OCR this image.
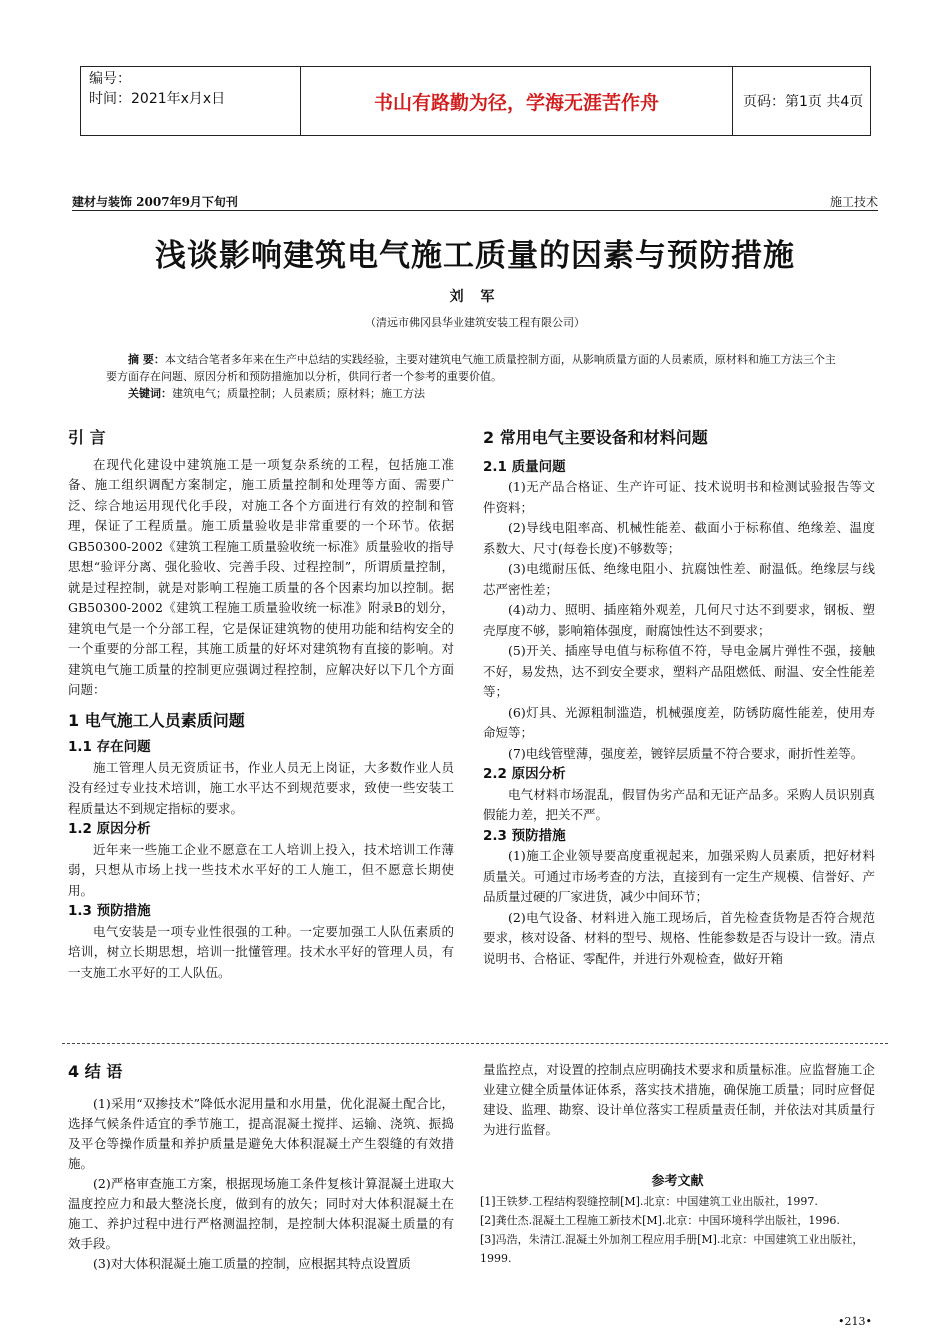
编号：
时间：2021年x月x日	书山有路勤为径，学海无涯苦作舟	页码：第1页 共4页
建材与装饰 2007年9月下旬刊	施工技术
浅谈影响建筑电气施工质量的因素与预防措施
刘 军
（清远市佛冈县华业建筑安装工程有限公司）
摘 要：本文结合笔者多年来在生产中总结的实践经验，主要对建筑电气施工质量控制方面，从影响质量方面的人员素质，原材料和施工方法三个主要方面存在问题、原因分析和预防措施加以分析，供同行者一个参考的重要价值。
关键词：建筑电气；质量控制；人员素质；原材料；施工方法
引 言

在现代化建设中建筑施工是一项复杂系统的工程，包括施工准备、施工组织调配方案制定，施工质量控制和处理等方面、需要广泛、综合地运用现代化手段，对施工各个方面进行有效的控制和管理，保证了工程质量。施工质量验收是非常重要的一个环节。依据GB50300-2002《建筑工程施工质量验收统一标准》质量验收的指导思想“验评分离、强化验收、完善手段、过程控制”，所谓质量控制，就是过程控制，就是对影响工程施工质量的各个因素均加以控制。据GB50300-2002《建筑工程施工质量验收统一标准》附录B的划分，建筑电气是一个分部工程，它是保证建筑物的使用功能和结构安全的一个重要的分部工程，其施工质量的好坏对建筑物有直接的影响。对建筑电气施工质量的控制更应强调过程控制，应解决好以下几个方面问题：

1 电气施工人员素质问题
1.1 存在问题

施工管理人员无资质证书，作业人员无上岗证，大多数作业人员没有经过专业技术培训，施工水平达不到规范要求，致使一些安装工程质量达不到规定指标的要求。

1.2 原因分析

近年来一些施工企业不愿意在工人培训上投入，技术培训工作薄弱，只想从市场上找一些技术水平好的工人施工，但不愿意长期使用。

1.3 预防措施

电气安装是一项专业性很强的工种。一定要加强工人队伍素质的培训，树立长期思想，培训一批懂管理。技术水平好的管理人员，有一支施工水平好的工人队伍。

2 常用电气主要设备和材料问题
2.1 质量问题

(1)无产品合格证、生产许可证、技术说明书和检测试验报告等文件资料；

(2)导线电阻率高、机械性能差、截面小于标称值、绝缘差、温度系数大、尺寸(每卷长度)不够数等；

(3)电缆耐压低、绝缘电阻小、抗腐蚀性差、耐温低。绝缘层与线芯严密性差；

(4)动力、照明、插座箱外观差，几何尺寸达不到要求，钢板、塑壳厚度不够，影响箱体强度，耐腐蚀性达不到要求；

(5)开关、插座导电值与标称值不符，导电金属片弹性不强，接触不好，易发热，达不到安全要求，塑料产品阻燃低、耐温、安全性能差等；

(6)灯具、光源粗制滥造，机械强度差，防锈防腐性能差，使用寿命短等；

(7)电线管壁薄，强度差，镀锌层质量不符合要求，耐折性差等。

2.2 原因分析

电气材料市场混乱，假冒伪劣产品和无证产品多。采购人员识别真假能力差，把关不严。

2.3 预防措施

(1)施工企业领导要高度重视起来，加强采购人员素质，把好材料质量关。可通过市场考查的方法，直接到有一定生产规模、信誉好、产品质量过硬的厂家进货，减少中间环节；

(2)电气设备、材料进入施工现场后，首先检查货物是否符合规范要求，核对设备、材料的型号、规格、性能参数是否与设计一致。清点说明书、合格证、零配件，并进行外观检查，做好开箱

4 结 语

(1)采用“双掺技术”降低水泥用量和水用量，优化混凝土配合比，选择气候条件适宜的季节施工，提高混凝土搅拌、运输、浇筑、振捣及平仓等操作质量和养护质量是避免大体积混凝土产生裂缝的有效措施。

(2)严格审查施工方案，根据现场施工条件复核计算混凝土进取大温度控应力和最大整浇长度，做到有的放矢；同时对大体积混凝土在施工、养护过程中进行严格测温控制，是控制大体积混凝土质量的有效手段。

(3)对大体积混凝土施工质量的控制，应根据其特点设置质

量监控点，对设置的控制点应明确技术要求和质量标准。应监督施工企业建立健全质量体证体系，落实技术措施，确保施工质量；同时应督促建设、监理、勘察、设计单位落实工程质量责任制，并依法对其质量行为进行监督。

参考文献
[1]王铁梦.工程结构裂缝控制[M].北京：中国建筑工业出版社，1997.
[2]龚仕杰.混凝土工程施工新技术[M].北京：中国环境科学出版社，1996.
[3]冯浩，朱清江.混凝土外加剂工程应用手册[M].北京：中国建筑工业出版社，1999.
•213•
